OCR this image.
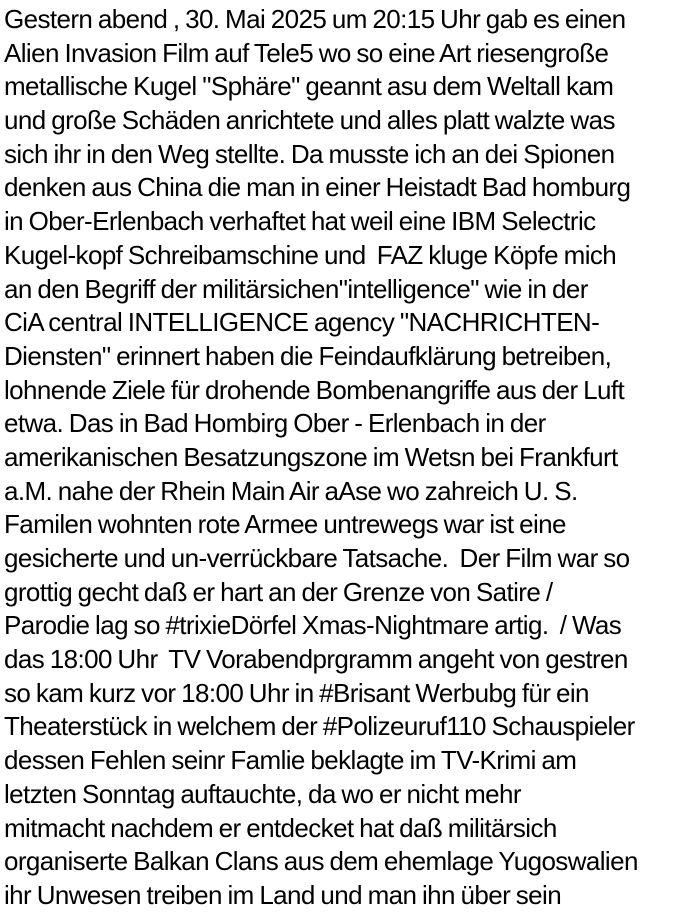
Gestern abend , 30. Mai 2025 um 20:15 Uhr gab es einen
Alien Invasion Film auf Tele5 wo so eine Art riesengroße
metallische Kugel "Sphäre" geannt asu dem Weltall kam
und große Schäden anrichtete und alles platt walzte was
sich ihr in den Weg stellte. Da musste ich an dei Spionen
denken aus China die man in einer Heistadt Bad homburg
in Ober-Erlenbach verhaftet hat weil eine IBM Selectric
Kugel-kopf Schreibamschine und  FAZ kluge Köpfe mich
an den Begriff der militärsichen"intelligence" wie in der
CiA central INTELLIGENCE agency "NACHRICHTEN-
Diensten" erinnert haben die Feindaufklärung betreiben,
lohnende Ziele für drohende Bombenangriffe aus der Luft
etwa. Das in Bad Hombirg Ober - Erlenbach in der
amerikanischen Besatzungszone im Wetsn bei Frankfurt
a.M. nahe der Rhein Main Air aAse wo zahreich U. S.
Familen wohnten rote Armee untrewegs war ist eine
gesicherte und un-verrückbare Tatsache.  Der Film war so
grottig gecht daß er hart an der Grenze von Satire /
Parodie lag so #trixieDörfel Xmas-Nightmare artig.  / Was
das 18:00 Uhr  TV Vorabendprgramm angeht von gestren
so kam kurz vor 18:00 Uhr in #Brisant Werbubg für ein
Theaterstück in welchem der #Polizeuruf110 Schauspieler
dessen Fehlen seinr Famlie beklagte im TV-Krimi am
letzten Sonntag auftauchte, da wo er nicht mehr
mitmacht nachdem er entdecket hat daß militärsich
organiserte Balkan Clans aus dem ehemlage Yugoswalien
ihr Unwesen treiben im Land und man ihn über sein
